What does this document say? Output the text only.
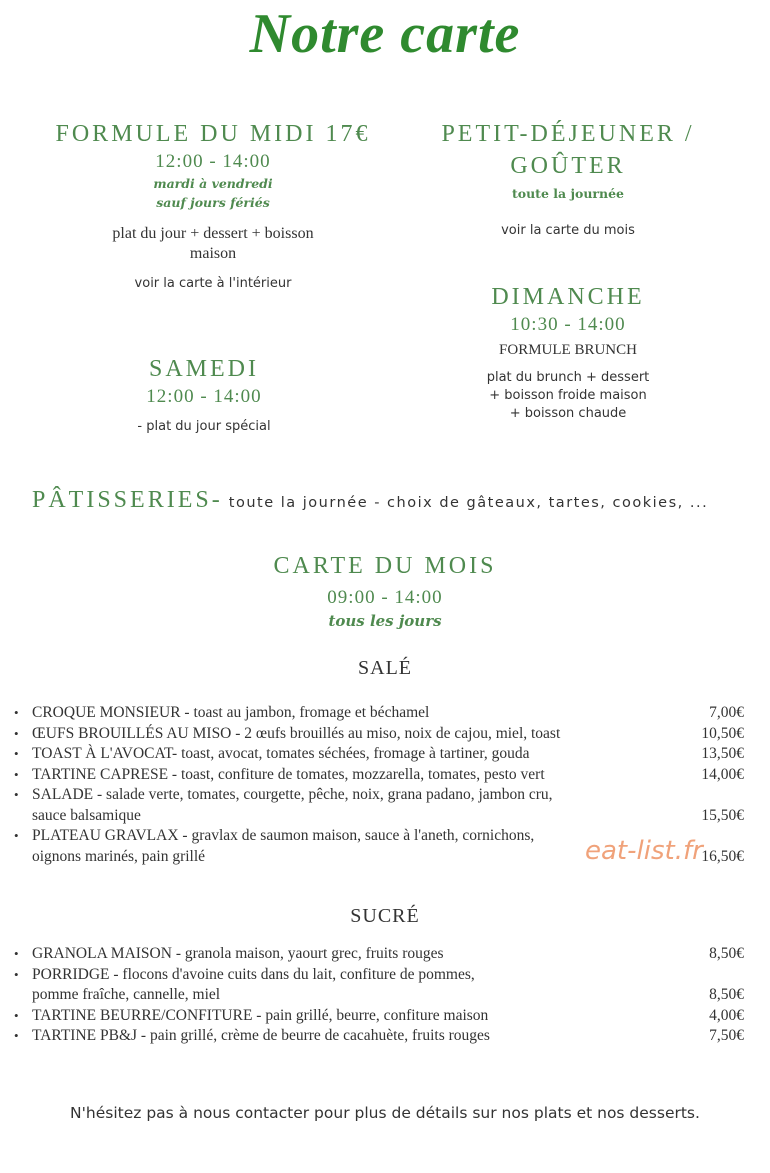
Notre carte
FORMULE DU MIDI 17€
12:00 - 14:00
mardi à vendredi
sauf jours fériés
plat du jour + dessert + boisson
maison
voir la carte à l'intérieur
PETIT-DÉJEUNER /
GOÛTER
toute la journée
voir la carte du mois
SAMEDI
12:00 - 14:00
- plat du jour spécial
DIMANCHE
10:30 - 14:00
FORMULE BRUNCH
plat du brunch + dessert
+ boisson froide maison
+ boisson chaude
PÂTISSERIES- toute la journée - choix de gâteaux, tartes, cookies, ...
CARTE DU MOIS
09:00 - 14:00
tous les jours
SALÉ
• CROQUE MONSIEUR - toast au jambon, fromage et béchamel	7,00€
• ŒUFS BROUILLÉS AU MISO - 2 œufs brouillés au miso, noix de cajou, miel, toast	10,50€
• TOAST À L'AVOCAT- toast, avocat, tomates séchées, fromage à tartiner, gouda	13,50€
• TARTINE CAPRESE - toast, confiture de tomates, mozzarella, tomates, pesto vert	14,00€
• SALADE - salade verte, tomates, courgette, pêche, noix, grana padano, jambon cru,
sauce balsamique	15,50€
• PLATEAU GRAVLAX - gravlax de saumon maison, sauce à l'aneth, cornichons,
oignons marinés, pain grillé	16,50€
eat-list.fr
SUCRÉ
• GRANOLA MAISON - granola maison, yaourt grec, fruits rouges	8,50€
• PORRIDGE - flocons d'avoine cuits dans du lait, confiture de pommes,
pomme fraîche, cannelle, miel	8,50€
• TARTINE BEURRE/CONFITURE - pain grillé, beurre, confiture maison	4,00€
• TARTINE PB&J - pain grillé, crème de beurre de cacahuète, fruits rouges	7,50€
N'hésitez pas à nous contacter pour plus de détails sur nos plats et nos desserts.
